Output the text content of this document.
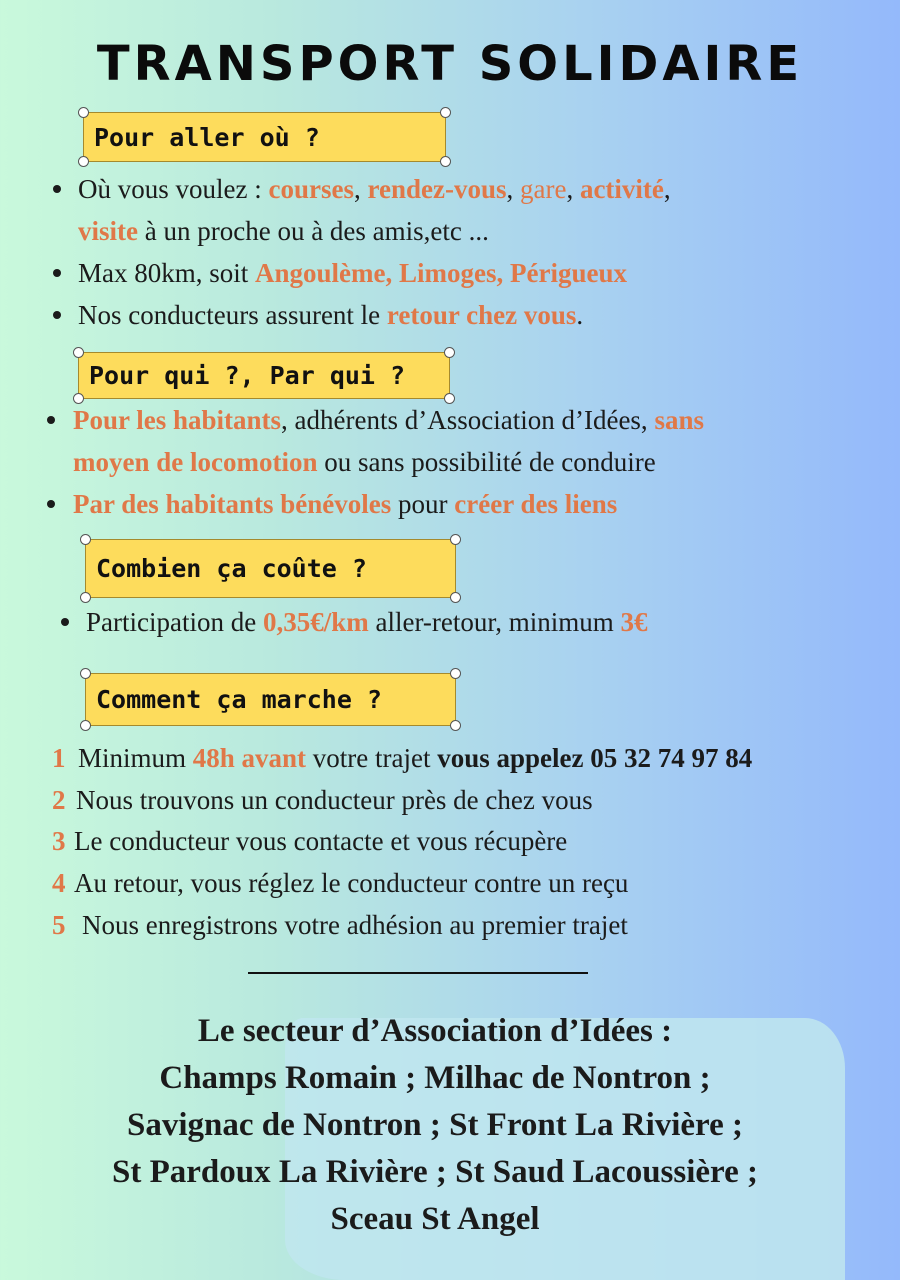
TRANSPORT SOLIDAIRE
Pour aller où ?
Où vous voulez : courses, rendez-vous, gare, activité,
visite à un proche ou à des amis,etc ...
Max 80km, soit Angoulème, Limoges, Périgueux
Nos conducteurs assurent le retour chez vous.
Pour qui ?, Par qui ?
Pour les habitants, adhérents d’Association d’Idées, sans
moyen de locomotion ou sans possibilité de conduire
Par des habitants bénévoles pour créer des liens
Combien ça coûte ?
Participation de 0,35€/km aller-retour, minimum 3€
Comment ça marche ?
1 Minimum 48h avant votre trajet vous appelez 05 32 74 97 84
2 Nous trouvons un conducteur près de chez vous
3 Le conducteur vous contacte et vous récupère
4 Au retour, vous réglez le conducteur contre un reçu
5 Nous enregistrons votre adhésion au premier trajet
Le secteur d’Association d’Idées :
Champs Romain ; Milhac de Nontron ;
Savignac de Nontron ; St Front La Rivière ;
St Pardoux La Rivière ; St Saud Lacoussière ;
Sceau St Angel
